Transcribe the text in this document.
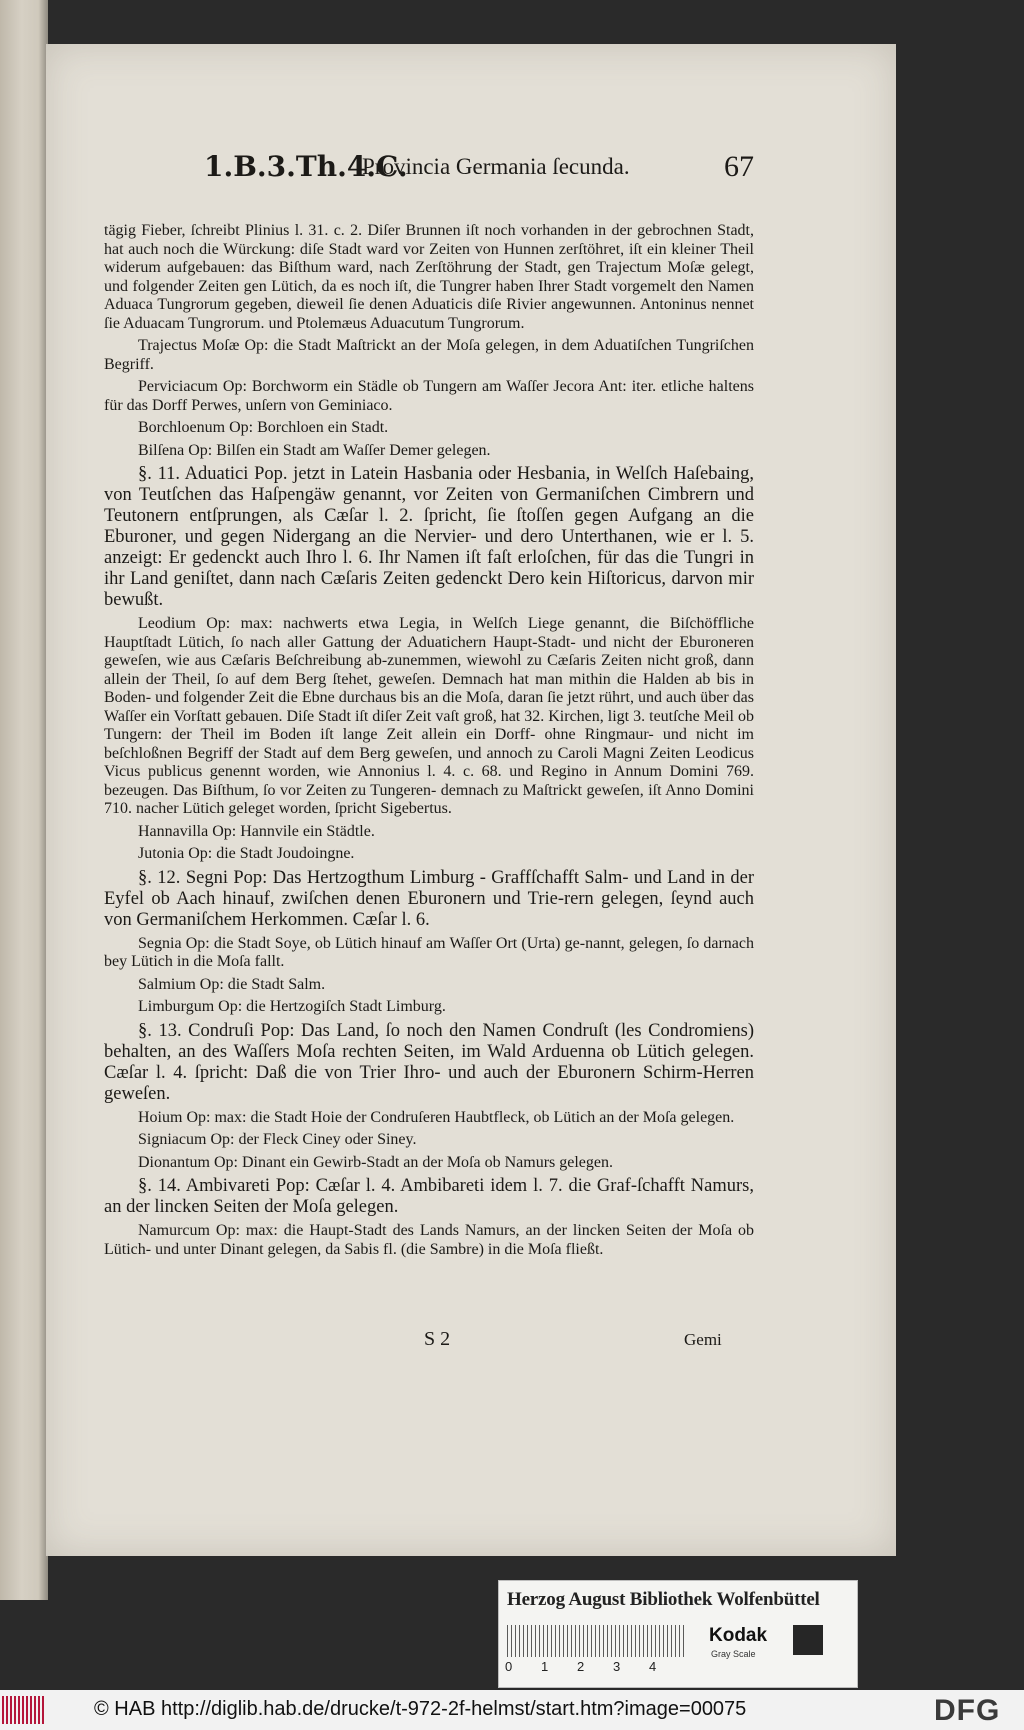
1.B.3.Th.4.C.
Provincia Germania ſecunda.	67

tägig Fieber, ſchreibt Plinius l. 31. c. 2. Diſer Brunnen iſt noch vorhanden in der gebrochnen Stadt, hat auch noch die Würckung: diſe Stadt ward vor Zeiten von Hunnen zerſtöhret, iſt ein kleiner Theil widerum aufgebauen: das Biſthum ward, nach Zerſtöhrung der Stadt, gen Trajectum Moſæ gelegt, und folgender Zeiten gen Lütich, da es noch iſt, die Tungrer haben Ihrer Stadt vorgemelt den Namen Aduaca Tungrorum gegeben, dieweil ſie denen Aduaticis diſe Rivier angewunnen. Antoninus nennet ſie Aduacam Tungrorum. und Ptolemæus Aduacutum Tungrorum.

Trajectus Moſæ Op: die Stadt Maſtrickt an der Moſa gelegen, in dem Aduatiſchen Tungriſchen Begriff.

Perviciacum Op: Borchworm ein Städle ob Tungern am Waſſer Jecora Ant: iter. etliche haltens für das Dorff Perwes, unſern von Geminiaco.

Borchloenum Op: Borchloen ein Stadt.

Bilſena Op: Bilſen ein Stadt am Waſſer Demer gelegen.

§. 11. Aduatici Pop. jetzt in Latein Hasbania oder Hesbania, in Welſch Haſebaing, von Teutſchen das Haſpengäw genannt, vor Zeiten von Germaniſchen Cimbrern und Teutonern entſprungen, als Cæſar l. 2. ſpricht, ſie ſtoſſen gegen Aufgang an die Eburoner, und gegen Nidergang an die Nervier- und dero Unterthanen, wie er l. 5. anzeigt: Er gedenckt auch Ihro l. 6. Ihr Namen iſt faſt erloſchen, für das die Tungri in ihr Land geniſtet, dann nach Cæſaris Zeiten gedenckt Dero kein Hiſtoricus, darvon mir bewußt.

Leodium Op: max: nachwerts etwa Legia, in Welſch Liege genannt, die Biſchöffliche Hauptſtadt Lütich, ſo nach aller Gattung der Aduatichern Haupt-Stadt- und nicht der Eburoneren geweſen, wie aus Cæſaris Beſchreibung ab-zunemmen, wiewohl zu Cæſaris Zeiten nicht groß, dann allein der Theil, ſo auf dem Berg ſtehet, geweſen. Demnach hat man mithin die Halden ab bis in Boden- und folgender Zeit die Ebne durchaus bis an die Moſa, daran ſie jetzt rührt, und auch über das Waſſer ein Vorſtatt gebauen. Diſe Stadt iſt diſer Zeit vaſt groß, hat 32. Kirchen, ligt 3. teutſche Meil ob Tungern: der Theil im Boden iſt lange Zeit allein ein Dorff- ohne Ringmaur- und nicht im beſchloßnen Begriff der Stadt auf dem Berg geweſen, und annoch zu Caroli Magni Zeiten Leodicus Vicus publicus genennt worden, wie Annonius l. 4. c. 68. und Regino in Annum Domini 769. bezeugen. Das Biſthum, ſo vor Zeiten zu Tungeren- demnach zu Maſtrickt geweſen, iſt Anno Domini 710. nacher Lütich geleget worden, ſpricht Sigebertus.

Hannavilla Op: Hannvile ein Städtle.

Jutonia Op: die Stadt Joudoingne.

§. 12. Segni Pop: Das Hertzogthum Limburg - Graffſchafft Salm- und Land in der Eyfel ob Aach hinauf, zwiſchen denen Eburonern und Trie-rern gelegen, ſeynd auch von Germaniſchem Herkommen. Cæſar l. 6.

Segnia Op: die Stadt Soye, ob Lütich hinauf am Waſſer Ort (Urta) ge-nannt, gelegen, ſo darnach bey Lütich in die Moſa fallt.

Salmium Op: die Stadt Salm.

Limburgum Op: die Hertzogiſch Stadt Limburg.

§. 13. Condruſi Pop: Das Land, ſo noch den Namen Condruſt (les Condromiens) behalten, an des Waſſers Moſa rechten Seiten, im Wald Arduenna ob Lütich gelegen. Cæſar l. 4. ſpricht: Daß die von Trier Ihro- und auch der Eburonern Schirm-Herren geweſen.

Hoium Op: max: die Stadt Hoie der Condruſeren Haubtfleck, ob Lütich an der Moſa gelegen.

Signiacum Op: der Fleck Ciney oder Siney.

Dionantum Op: Dinant ein Gewirb-Stadt an der Moſa ob Namurs gelegen.

§. 14. Ambivareti Pop: Cæſar l. 4. Ambibareti idem l. 7. die Graf-ſchafft Namurs, an der lincken Seiten der Moſa gelegen.

Namurcum Op: max: die Haupt-Stadt des Lands Namurs, an der lincken Seiten der Moſa ob Lütich- und unter Dinant gelegen, da Sabis fl. (die Sambre) in die Moſa fließt.

S 2	Gemi
Herzog August Bibliothek Wolfenbüttel
0 1 2 3 4
Kodak
Gray Scale
© HAB http://diglib.hab.de/drucke/t-972-2f-helmst/start.htm?image=00075	DFG
